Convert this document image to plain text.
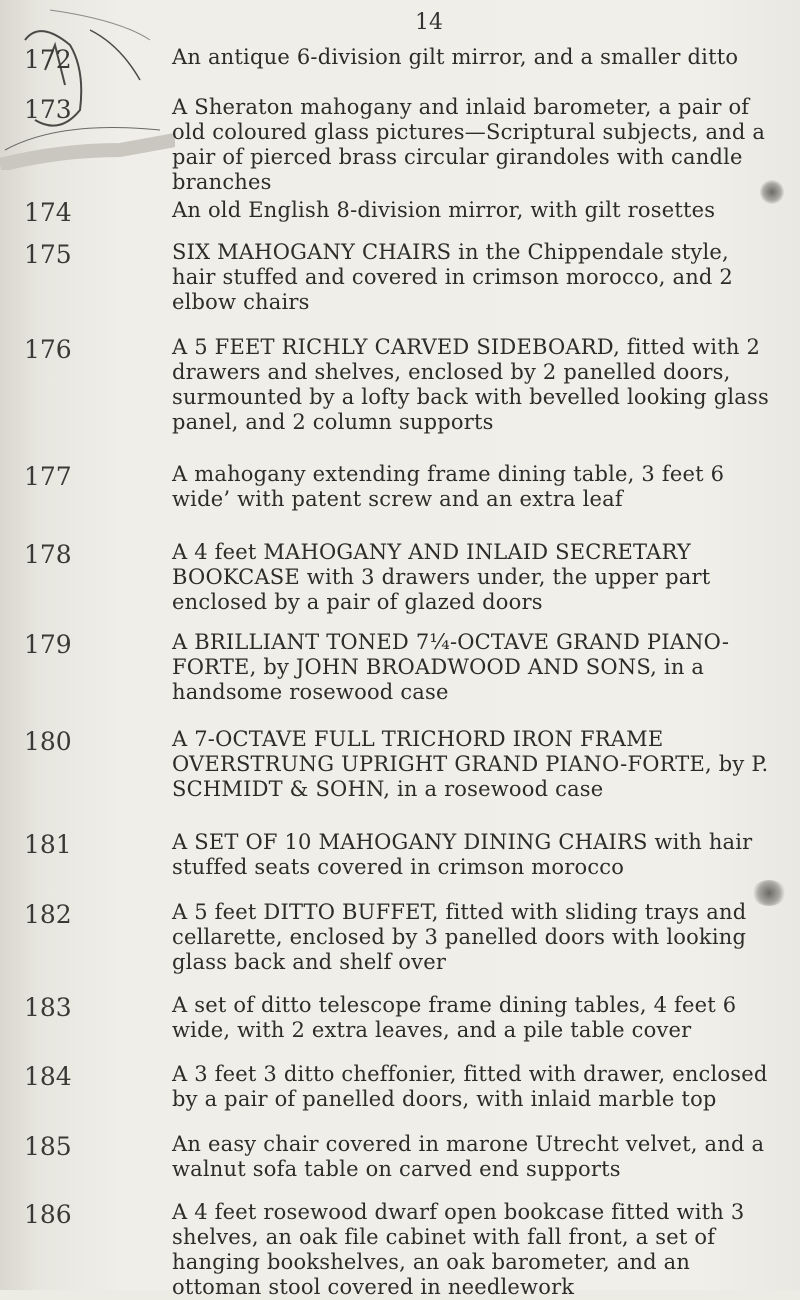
14
172	An antique 6-division gilt mirror, and a smaller ditto
173	A Sheraton mahogany and inlaid barometer, a pair of old coloured glass pictures—Scriptural subjects, and a pair of pierced brass circular girandoles with candle branches
174	An old English 8-division mirror, with gilt rosettes
175	SIX MAHOGANY CHAIRS in the Chippendale style, hair stuffed and covered in crimson morocco, and 2 elbow chairs
176	A 5 FEET RICHLY CARVED SIDEBOARD, fitted with 2 drawers and shelves, enclosed by 2 panelled doors, surmounted by a lofty back with bevelled looking glass panel, and 2 column supports
177	A mahogany extending frame dining table, 3 feet 6 wide’ with patent screw and an extra leaf
178	A 4 feet MAHOGANY AND INLAID SECRETARY BOOKCASE with 3 drawers under, the upper part enclosed by a pair of glazed doors
179	A BRILLIANT TONED 7¼-OCTAVE GRAND PIANO-FORTE, by JOHN BROADWOOD AND SONS, in a handsome rosewood case
180	A 7-OCTAVE FULL TRICHORD IRON FRAME OVERSTRUNG UPRIGHT GRAND PIANO-FORTE, by P. SCHMIDT & SOHN, in a rosewood case
181	A SET OF 10 MAHOGANY DINING CHAIRS with hair stuffed seats covered in crimson morocco
182	A 5 feet DITTO BUFFET, fitted with sliding trays and cellarette, enclosed by 3 panelled doors with looking glass back and shelf over
183	A set of ditto telescope frame dining tables, 4 feet 6 wide, with 2 extra leaves, and a pile table cover
184	A 3 feet 3 ditto cheffonier, fitted with drawer, enclosed by a pair of panelled doors, with inlaid marble top
185	An easy chair covered in marone Utrecht velvet, and a walnut sofa table on carved end supports
186	A 4 feet rosewood dwarf open bookcase fitted with 3 shelves, an oak file cabinet with fall front, a set of hanging bookshelves, an oak barometer, and an ottoman stool covered in needlework
